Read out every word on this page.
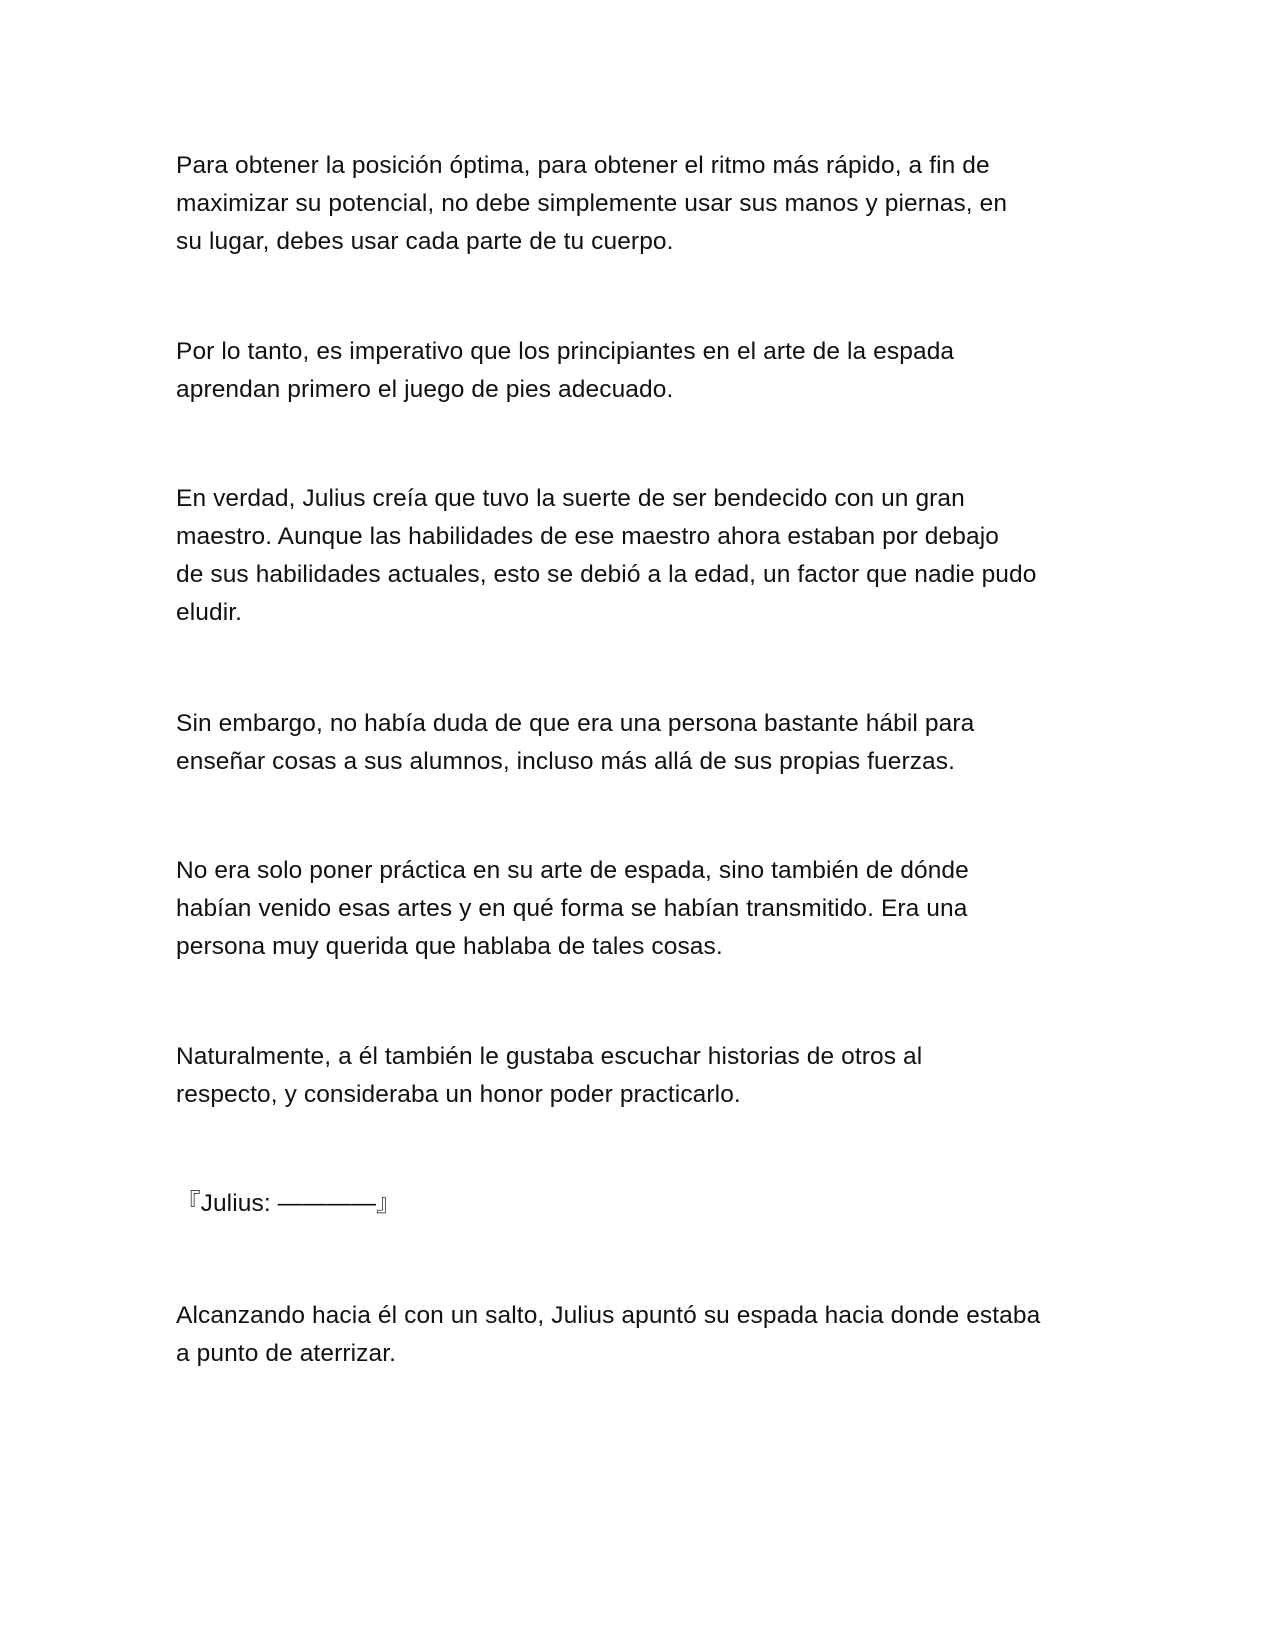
Para obtener la posición óptima, para obtener el ritmo más rápido, a fin de
maximizar su potencial, no debe simplemente usar sus manos y piernas, en
su lugar, debes usar cada parte de tu cuerpo.

Por lo tanto, es imperativo que los principiantes en el arte de la espada
aprendan primero el juego de pies adecuado.

En verdad, Julius creía que tuvo la suerte de ser bendecido con un gran
maestro. Aunque las habilidades de ese maestro ahora estaban por debajo
de sus habilidades actuales, esto se debió a la edad, un factor que nadie pudo
eludir.

Sin embargo, no había duda de que era una persona bastante hábil para
enseñar cosas a sus alumnos, incluso más allá de sus propias fuerzas.

No era solo poner práctica en su arte de espada, sino también de dónde
habían venido esas artes y en qué forma se habían transmitido. Era una
persona muy querida que hablaba de tales cosas.

Naturalmente, a él también le gustaba escuchar historias de otros al
respecto, y consideraba un honor poder practicarlo.

『Julius: ————』

Alcanzando hacia él con un salto, Julius apuntó su espada hacia donde estaba
a punto de aterrizar.
